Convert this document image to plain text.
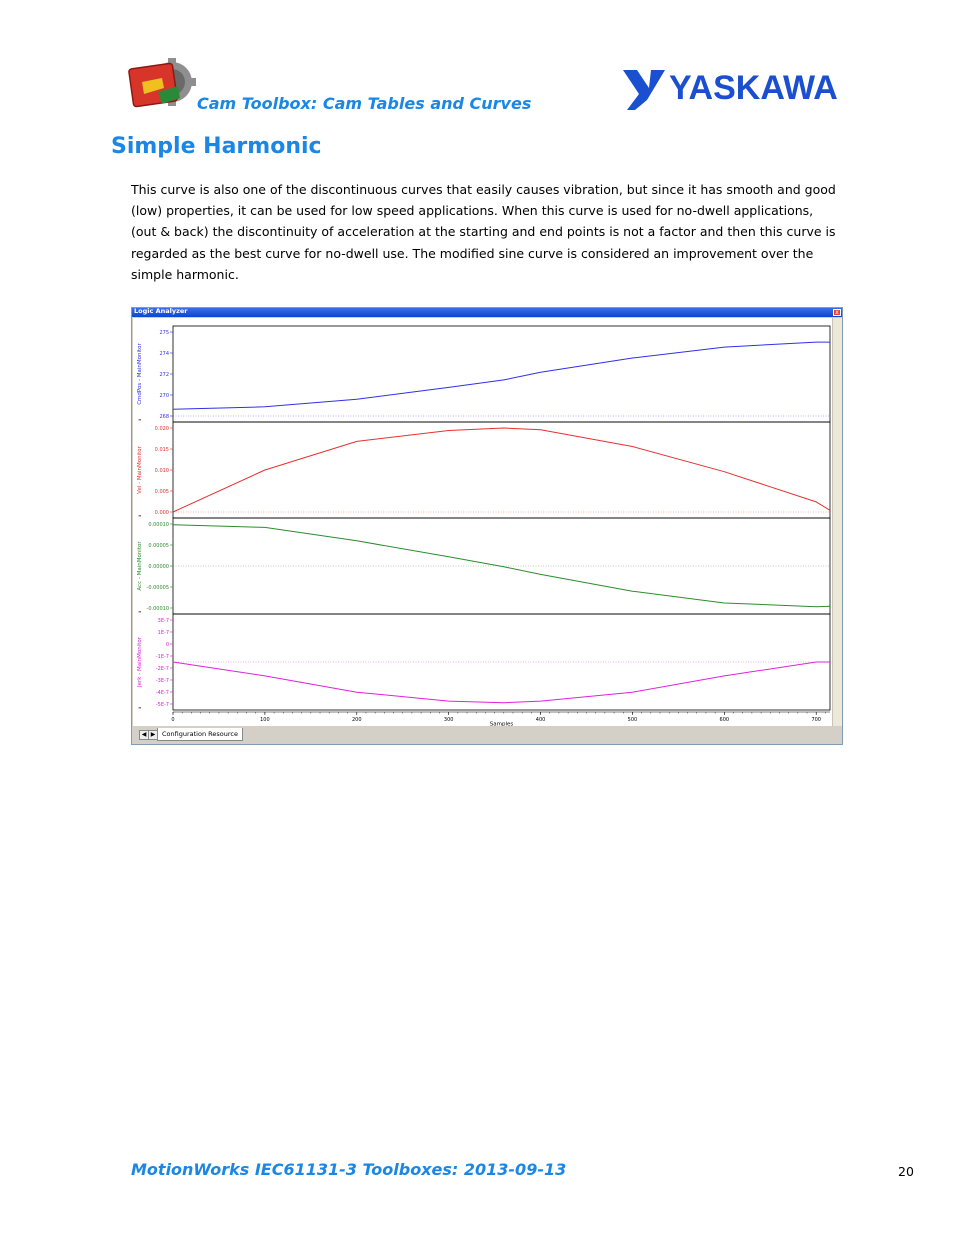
Cam Toolbox: Cam Tables and Curves	YASKAWA
Simple Harmonic
This curve is also one of the discontinuous curves that easily causes vibration, but since it has smooth and good
(low) properties, it can be used for low speed applications. When this curve is used for no-dwell applications,
(out & back) the discontinuity of acceleration at the starting and end points is not a factor and then this curve is
regarded as the best curve for no-dwell use. The modified sine curve is considered an improvement over the
simple harmonic.
Logic Analyzer	x
CmdPos - MainMonitor
≡
275
274
272
270
268
Vel - MainMonitor
≡
0.020
0.015
0.010
0.005
0.000
Acc - MainMonitor
≡
0.00010
0.00005
0.00000
-0.00005
-0.00010
Jerk - MainMonitor
≡
3E-7
1E-7
0
-1E-7
-2E-7
-3E-7
-4E-7
-5E-7
0	100	200	300	400	500	600	700
Samples
◀ ▶	Configuration Resource
MotionWorks IEC61131-3 Toolboxes: 2013-09-13	20
